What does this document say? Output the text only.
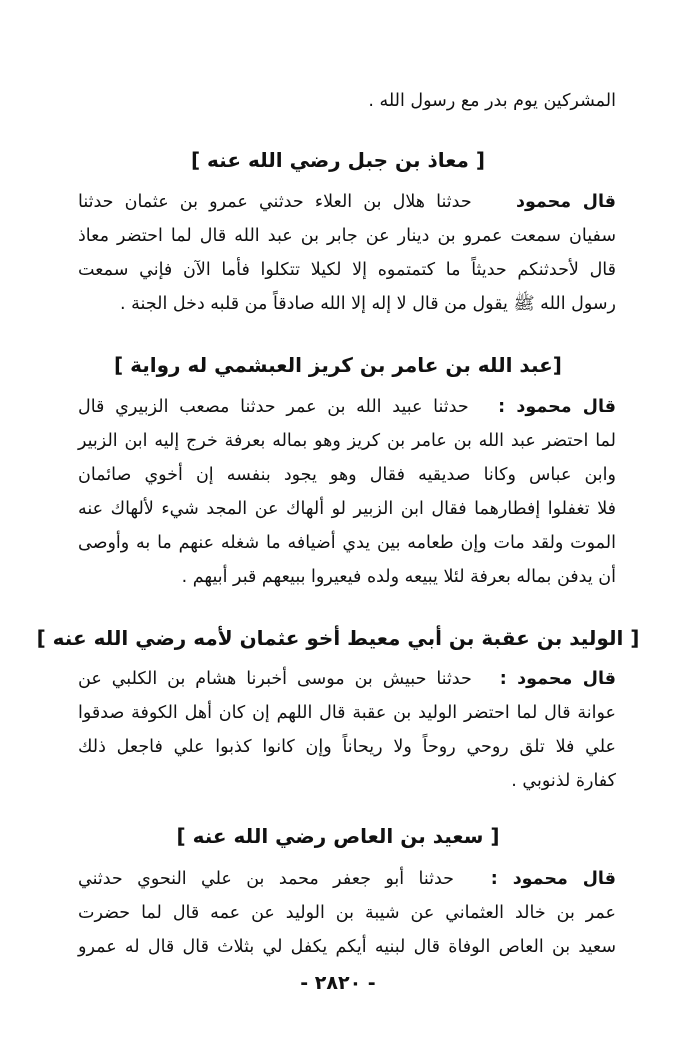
المشركين يوم بدر مع رسول الله .
[ معاذ بن جبل رضي الله عنه ]
قال محمود  حدثنا هلال بن العلاء حدثني عمرو بن عثمان حدثنا
سفيان سمعت عمرو بن دينار عن جابر بن عبد الله قال لما احتضر معاذ
قال لأحدثنكم حديثاً ما كتمتموه إلا لكيلا تتكلوا فأما الآن فإني سمعت
رسول الله ﷺ يقول من قال لا إله إلا الله صادقاً من قلبه دخل الجنة .
[عبد الله بن عامر بن كريز العبشمي له رواية ]
قال محمود :  حدثنا عبيد الله بن عمر حدثنا مصعب الزبيري قال
لما احتضر عبد الله بن عامر بن كريز وهو بماله بعرفة خرج إليه ابن الزبير
وابن عباس وكانا صديقيه فقال وهو يجود بنفسه إن أخوي صائمان
فلا تغفلوا إفطارهما فقال ابن الزبير لو ألهاك عن المجد شيء لألهاك عنه
الموت ولقد مات وإن طعامه بين يدي أضيافه ما شغله عنهم ما به وأوصى
أن يدفن بماله بعرفة لئلا يبيعه ولده فيعيروا ببيعهم قبر أبيهم .
[ الوليد بن عقبة بن أبي معيط أخو عثمان لأمه رضي الله عنه ]
قال محمود :  حدثنا حبيش بن موسى أخبرنا هشام بن الكلبي عن
عوانة قال لما احتضر الوليد بن عقبة قال اللهم إن كان أهل الكوفة صدقوا
علي فلا تلق روحي روحاً ولا ريحاناً وإن كانوا كذبوا علي فاجعل ذلك
كفارة لذنوبي .
[ سعيد بن العاص رضي الله عنه ]
قال محمود :  حدثنا أبو جعفر محمد بن علي النحوي حدثني
عمر بن خالد العثماني عن شيبة بن الوليد عن عمه قال لما حضرت
سعيد بن العاص الوفاة قال لبنيه أيكم يكفل لي بثلاث قال قال له عمرو
- ٢٨٢٠ -
